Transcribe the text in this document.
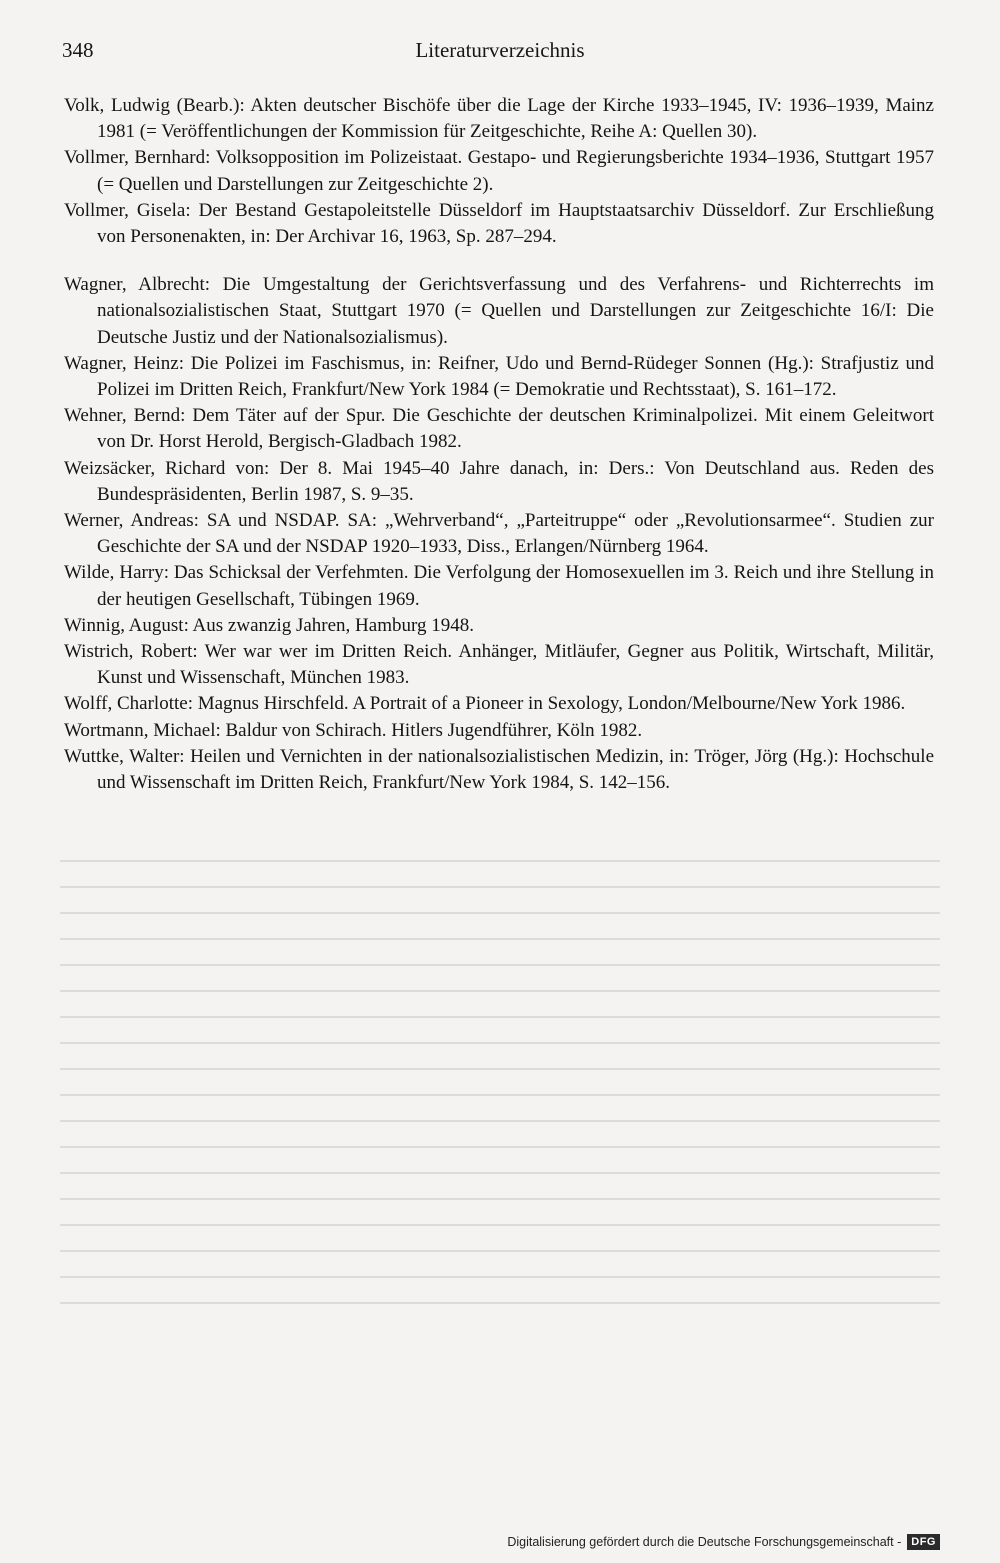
348	Literaturverzeichnis

Volk, Ludwig (Bearb.): Akten deutscher Bischöfe über die Lage der Kirche 1933–1945, IV: 1936–1939, Mainz 1981 (= Veröffentlichungen der Kommission für Zeitgeschichte, Reihe A: Quellen 30).

Vollmer, Bernhard: Volksopposition im Polizeistaat. Gestapo- und Regierungsberichte 1934–1936, Stuttgart 1957 (= Quellen und Darstellungen zur Zeitgeschichte 2).

Vollmer, Gisela: Der Bestand Gestapoleitstelle Düsseldorf im Hauptstaatsarchiv Düsseldorf. Zur Erschließung von Personenakten, in: Der Archivar 16, 1963, Sp. 287–294.

Wagner, Albrecht: Die Umgestaltung der Gerichtsverfassung und des Verfahrens- und Richterrechts im nationalsozialistischen Staat, Stuttgart 1970 (= Quellen und Darstellungen zur Zeitgeschichte 16/I: Die Deutsche Justiz und der Nationalsozialismus).

Wagner, Heinz: Die Polizei im Faschismus, in: Reifner, Udo und Bernd-Rüdeger Sonnen (Hg.): Strafjustiz und Polizei im Dritten Reich, Frankfurt/New York 1984 (= Demokratie und Rechtsstaat), S. 161–172.

Wehner, Bernd: Dem Täter auf der Spur. Die Geschichte der deutschen Kriminalpolizei. Mit einem Geleitwort von Dr. Horst Herold, Bergisch-Gladbach 1982.

Weizsäcker, Richard von: Der 8. Mai 1945–40 Jahre danach, in: Ders.: Von Deutschland aus. Reden des Bundespräsidenten, Berlin 1987, S. 9–35.

Werner, Andreas: SA und NSDAP. SA: „Wehrverband“, „Parteitruppe“ oder „Revolutionsarmee“. Studien zur Geschichte der SA und der NSDAP 1920–1933, Diss., Erlangen/Nürnberg 1964.

Wilde, Harry: Das Schicksal der Verfehmten. Die Verfolgung der Homosexuellen im 3. Reich und ihre Stellung in der heutigen Gesellschaft, Tübingen 1969.

Winnig, August: Aus zwanzig Jahren, Hamburg 1948.

Wistrich, Robert: Wer war wer im Dritten Reich. Anhänger, Mitläufer, Gegner aus Politik, Wirtschaft, Militär, Kunst und Wissenschaft, München 1983.

Wolff, Charlotte: Magnus Hirschfeld. A Portrait of a Pioneer in Sexology, London/Melbourne/New York 1986.

Wortmann, Michael: Baldur von Schirach. Hitlers Jugendführer, Köln 1982.

Wuttke, Walter: Heilen und Vernichten in der nationalsozialistischen Medizin, in: Tröger, Jörg (Hg.): Hochschule und Wissenschaft im Dritten Reich, Frankfurt/New York 1984, S. 142–156.

Digitalisierung gefördert durch die Deutsche Forschungsgemeinschaft - DFG
